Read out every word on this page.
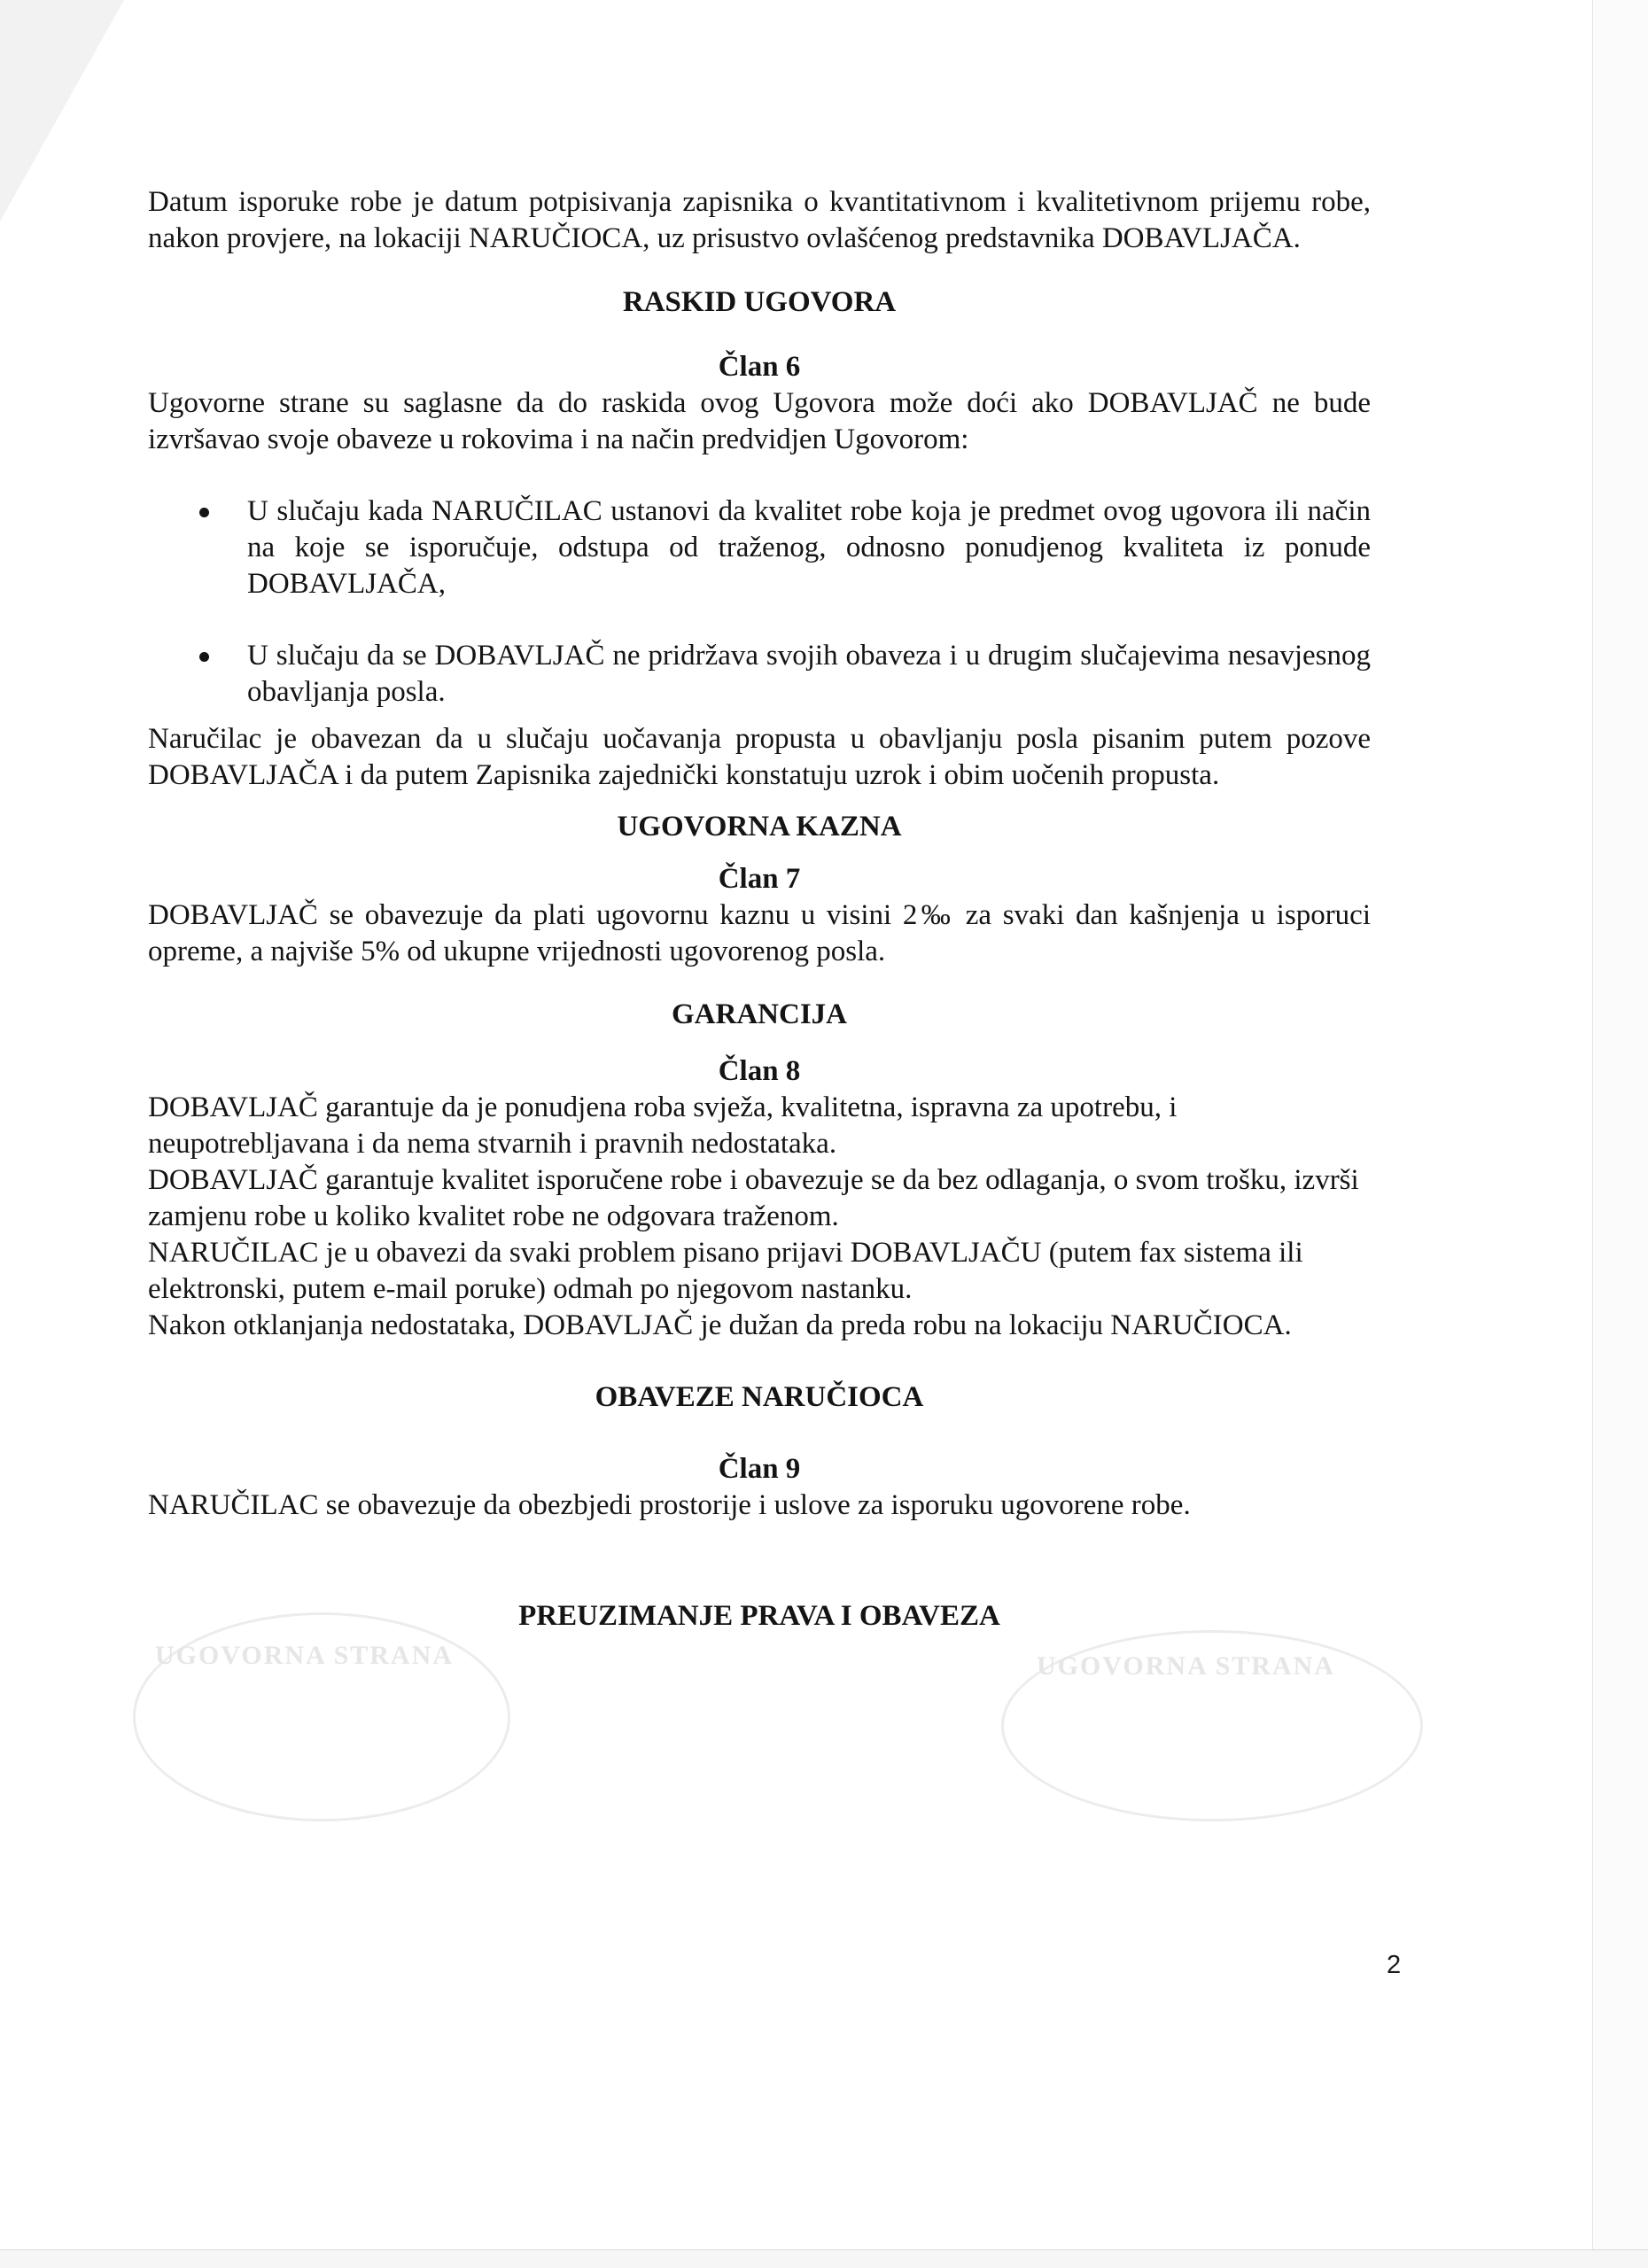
UGOVORNA STRANA	UGOVORNA STRANA

Datum isporuke robe je datum potpisivanja zapisnika o kvantitativnom i kvalitetivnom prijemu robe, nakon provjere, na lokaciji NARUČIOCA, uz prisustvo ovlašćenog predstavnika DOBAVLJAČA.

RASKID UGOVORA

Član 6

Ugovorne strane su saglasne da do raskida ovog Ugovora može doći ako DOBAVLJAČ ne bude izvršavao svoje obaveze u rokovima i na način predvidjen Ugovorom:

U slučaju kada NARUČILAC ustanovi da kvalitet robe koja je predmet ovog ugovora ili način na koje se isporučuje, odstupa od traženog, odnosno ponudjenog kvaliteta iz ponude DOBAVLJAČA,
U slučaju da se DOBAVLJAČ ne pridržava svojih obaveza i u drugim slučajevima nesavjesnog obavljanja posla.

Naručilac je obavezan da u slučaju uočavanja propusta u obavljanju posla pisanim putem pozove DOBAVLJAČA i da putem Zapisnika zajednički konstatuju uzrok i obim uočenih propusta.

UGOVORNA KAZNA

Član 7

DOBAVLJAČ se obavezuje da plati ugovornu kaznu u visini 2‰ za svaki dan kašnjenja u isporuci opreme, a najviše 5% od ukupne vrijednosti ugovorenog posla.

GARANCIJA

Član 8

DOBAVLJAČ garantuje da je ponudjena roba svježa, kvalitetna, ispravna za upotrebu, i neupotrebljavana i da nema stvarnih i pravnih nedostataka.

DOBAVLJAČ garantuje kvalitet isporučene robe i obavezuje se da bez odlaganja, o svom trošku, izvrši zamjenu robe u koliko kvalitet robe ne odgovara traženom.

NARUČILAC je u obavezi da svaki problem pisano prijavi DOBAVLJAČU (putem fax sistema ili elektronski, putem e-mail poruke) odmah po njegovom nastanku.

Nakon otklanjanja nedostataka, DOBAVLJAČ je dužan da preda robu na lokaciju NARUČIOCA.

OBAVEZE NARUČIOCA

Član 9

NARUČILAC se obavezuje da obezbjedi prostorije i uslove za isporuku ugovorene robe.

PREUZIMANJE PRAVA I OBAVEZA

2
